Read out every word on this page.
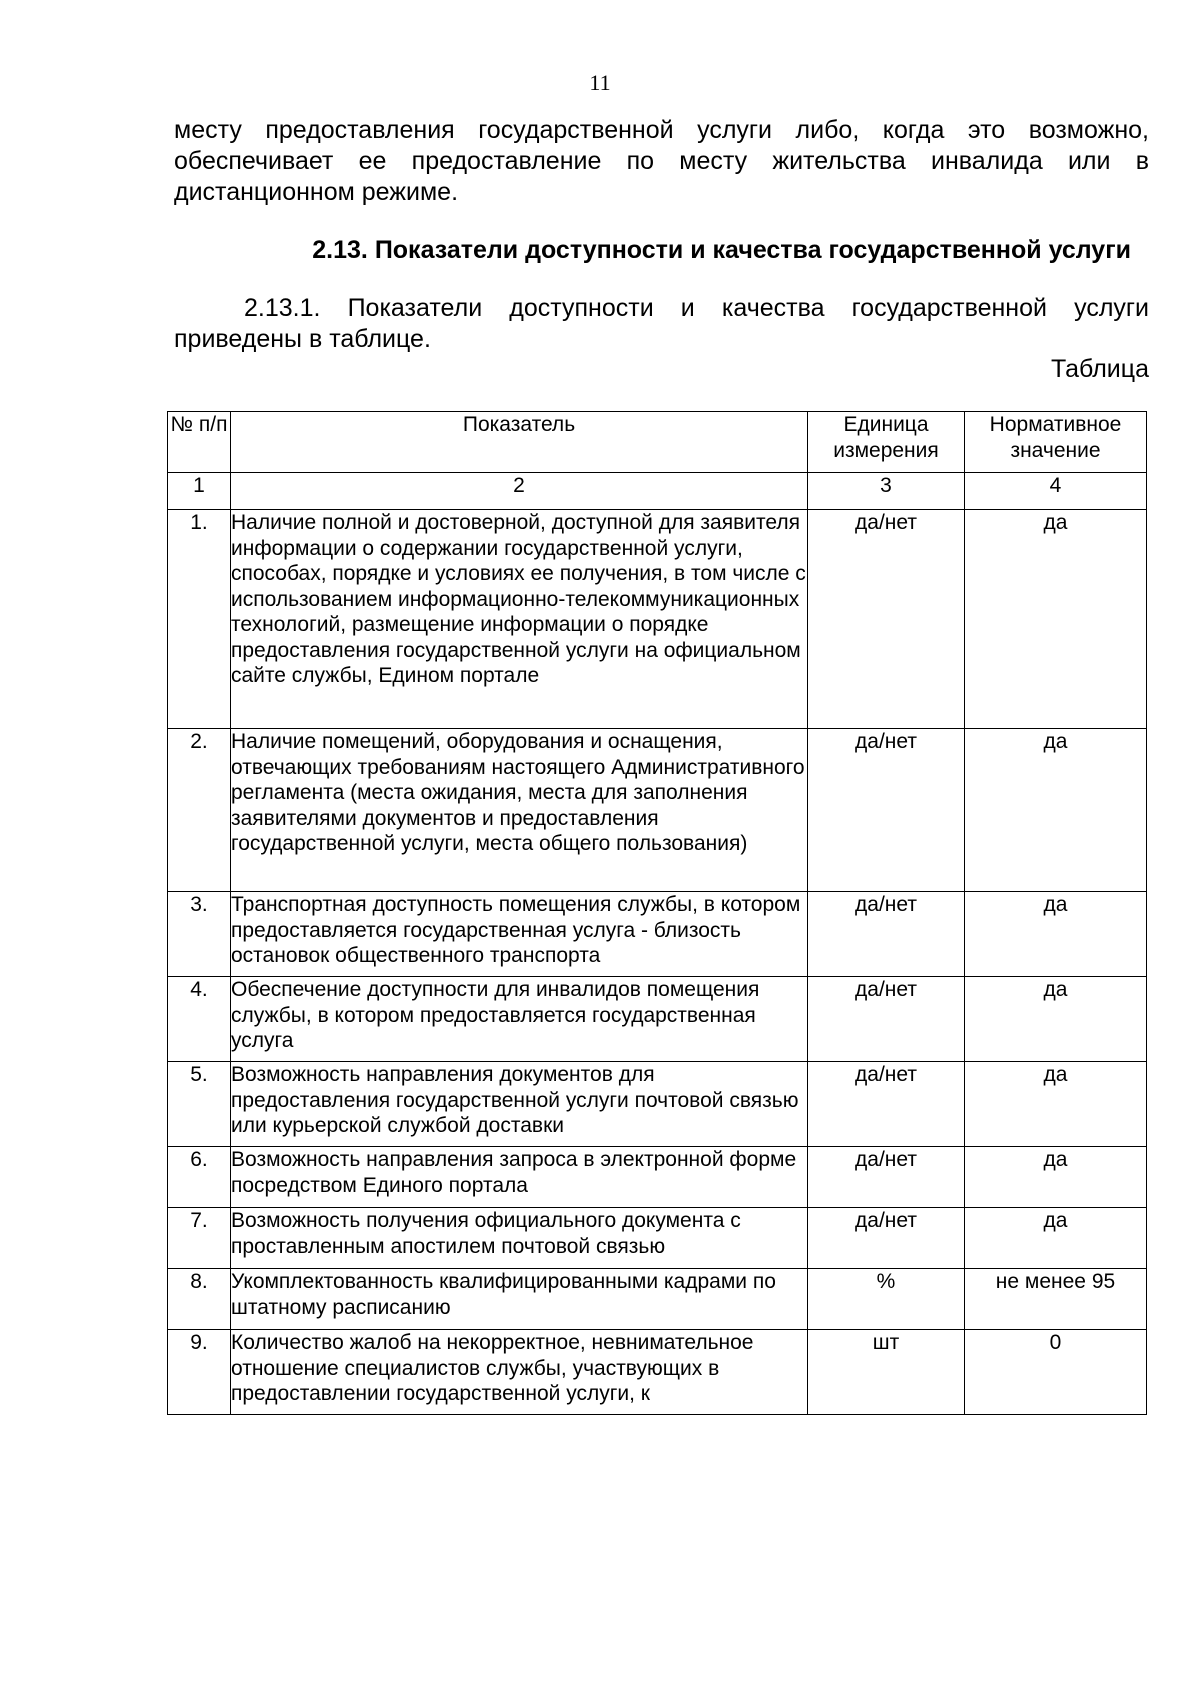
11

месту предоставления государственной услуги либо, когда это возможно, обеспечивает ее предоставление по месту жительства инвалида или в дистанционном режиме.

2.13. Показатели доступности и качества государственной услуги

2.13.1. Показатели доступности и качества государственной услуги приведены в таблице.

Таблица

№ п/п	Показатель	Единица измерения	Нормативное значение
1	2	3	4
1.	Наличие полной и достоверной, доступной для заявителя информации о содержании государственной услуги, способах, порядке и условиях ее получения, в том числе с использованием информационно-телекоммуникационных технологий, размещение информации о порядке предоставления государственной услуги на официальном сайте службы, Едином портале	да/нет	да
2.	Наличие помещений, оборудования и оснащения, отвечающих требованиям настоящего Административного регламента (места ожидания, места для заполнения заявителями документов и предоставления государственной услуги, места общего пользования)	да/нет	да
3.	Транспортная доступность помещения службы, в котором предоставляется государственная услуга - близость остановок общественного транспорта	да/нет	да
4.	Обеспечение доступности для инвалидов помещения службы, в котором предоставляется государственная услуга	да/нет	да
5.	Возможность направления документов для предоставления государственной услуги почтовой связью или курьерской службой доставки	да/нет	да
6.	Возможность направления запроса в электронной форме посредством Единого портала	да/нет	да
7.	Возможность получения официального документа с проставленным апостилем почтовой связью	да/нет	да
8.	Укомплектованность квалифицированными кадрами по штатному расписанию	%	не менее 95
9.	Количество жалоб на некорректное, невнимательное отношение специалистов службы, участвующих в предоставлении государственной услуги, к	шт	0
